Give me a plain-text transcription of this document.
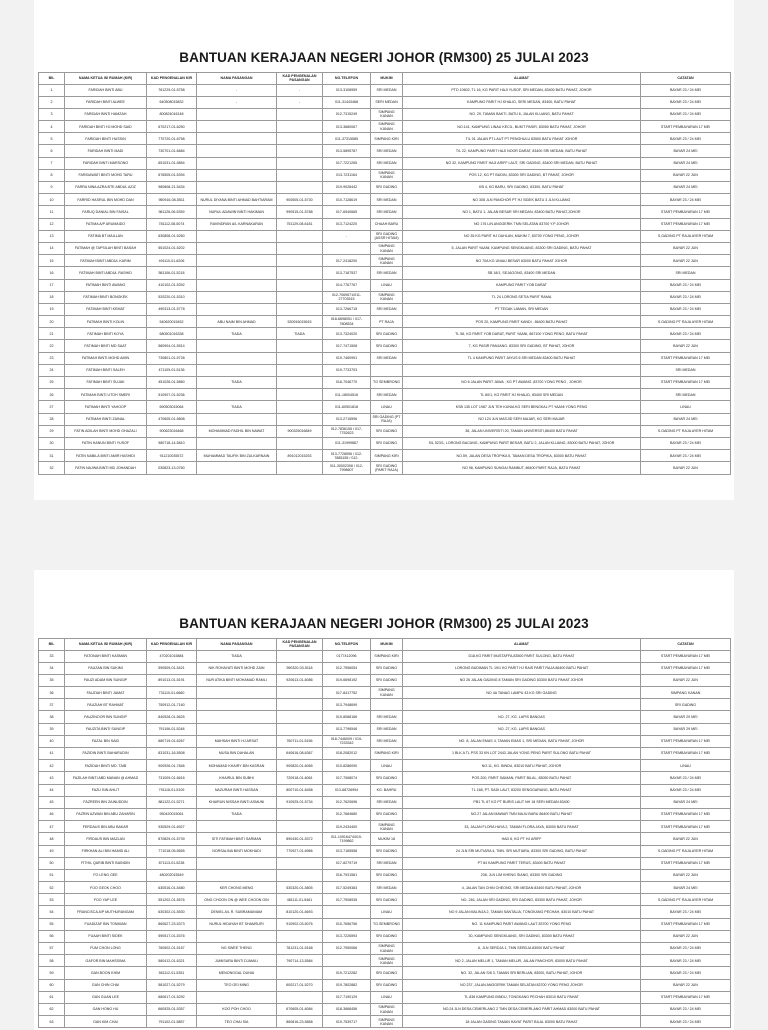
BANTUAN KERAJAAN NEGERI JOHOR (RM300) 25 JULAI 2023
BIL	NAMA KETUA ISI RUMAH (KIR)	KAD PENGENALAN KIR	NAMA PASANGAN	KAD PENGENALAN PASANGAN	NO.TELEFON	MUKIM	ALAMAT	CATATAN
1	FARIDAH BINTI ABU	761229-01-5758	-	-	013-3108959	SRI MEDAN	PTD 10602, TL 16, KG PARIT HAJI YUSOF, SRI MEDAN, 83400 BATU PAHAT, JOHOR	BAYAR 23 / 24 MEI
2	FARIDAH BINTI ALWEE	640508015832	-	-	011-31443468	SERI MEDAN	KAMPUNG PARIT HJ KHALID, SERI MEDAN, 83400, BATU PAHAT	BAYAR 23 / 24 MEI
3	FARIDAH BINTI HAMZAH	800824016148			012-7315249	SIMPANG KANAN	NO. 29, TAMAN BAKTI, BATU 6, JALAN KLUANG, BATU PAHAT	BAYAR 23 / 24 MEI
4	FARIDAH BINTI HJ MOHD SAID	670217-01-6250			013-3680067	SIMPANG KANAN	NO.141, KAMPUNG LINAU KECIL, BUKIT PASIR, 83050 BATU PAHAT, JOHOR	START PEMBAYARAN 17 MEI
5	FARIDAH BINTI HUSSIN	770720-01-6758			011-37315585	SIMPANG KIRI	T/L 01 JALAN PT LAUT PT PENGHULU 83500 BATU PAHAT JOHOR	BAYAR 23 / 24 MEI
6	FARIDAH BINTI MADI	730701-01-6684			013-5895787	SRI MEDAN	T/L 22, KAMPUNG PARIT HAJI NOOR DARAT, 83400 SRI MEDAN, BATU PAHAT	BAYAR 24 MEI
7	FARIDAH BINTI MARSONO	651031-01-5854			017-7221265	SRI MEDAN	NO 32, KAMPUNG PARIT HAJI ARIFF LAUT, SRI GADING, 83400 SRI MEDAN, BATU PAHAT	BAYAR 24 MEI
8	FARIDAWATI BINTI MOHD TARU	676505-01-5394			013-7231164	SIMPANG KANAN	POS 12, KG PT BUDIN, 83300 SRI GADING, BT PAHAT, JOHOR	BAYAR 22 JUN
9	FARRA NINA AZRA BTE ABDUL AZIZ	980808-21-5434			019-9028442	SRI GADING	KB 4, KG BARU, SRI GADING, 83300, BATU PAHAT	BAYAR 24 MEI
10	FARRID HASRUL BIN MOHD DAN	950916-08-5511	NURUL DIYANA BINTI AHMAD BAHTIARAM	900505-01-5730	010-7128619	SRI MEDAN	NO 308 JLN PANCHOR PT HJ SIDEK BATU 3 JLN KLUANG	BAYAR 23 / 24 MEI
11	FARUQ DANIAL BIN FAISAL	981126-06-5359	NURUL ADAWIN BINTI HAKIMAN	990515-01-5788	017-6540665	SRI MEDAN	NO 1, BATU 1, JALAN BESAR SRI MEDAN, 83400 BATU PAHAT,JOHOR	START PEMBAYARAN 17 MEI
12	FATIMA A/P ARUMAIDO	781112-08-5074	RAVINDRAN A/L KARNAKARAN	751129-08-6181	013-7124220	CHAAH BARU	NO 176 LIN ANGGERIK TMN SELATAN 83700 Y.P JOHOR	START PEMBAYARAN 17 MEI
13	FATIMA BT MAILLAN	630808-01-5260			-	SRI GADING (ASSR HITAM)	NO 35 KG PARIT HJ DAHLAN, MUKIM 7, 83700 YONG PENG, JOHOR	S.GADING PT RAJA AYER HITAM
14	FATIMAH @ TAPSILAH BINTI BASAH	551024-01-5202				SIMPANG KANAN	5, JALAN PARIT YAANI, KAMPUNG SENGKUANG, 83300 SRI GADING, BATU PAHAT	BAYAR 22 JUN
15	FATIMAH BINTI ABDUL KARIM	491110-01-6206			017-2418200	SIMPANG KANAN	NO 70A KG UNIAU BESAR 83000 BATU PAHAT JOHOR	BAYAR 22 JUN
16	FATIMAH BINTI ABDUL RASHID	581106-01-5218			013-7187537	SRI MEDAN	SB 18/1, SEJAGONG, 83400 SRI MEDAN	SRI MEDAN
17	FATIMAH BINTI AWANG	410102-01-5392			014-7767767	LINAU	KAMPUNG PARIT YOB DARAT	BAYAR 23 / 24 MEI
18	FATIMAH BINTI BONGKEK	520220-01-5310			012-7069671/011-27703515	SIMPANG KANAN	TL 24 LORONG SETIA PARIT RAMA	BAYAR 23 / 24 MEI
19	FATIMAH BINTI KEMAT	490313-01-5778			013-7266715	SRI MEDAN	PT TEGAK LAMAN, SRI MEDAN	BAYAR 23 / 24 MEI
20	FATIMAH BINTI KOLIN	540620015452	ABU NAIM BIN AHMAD	530916015615	018-6698051 / 017-7808534	PT RAJA	POS 20, KAMPUNG PARIT KANDI . 86400 BATU PAHAT	S.GADING PT RAJA AYER HITAM
21	FATIMAH BINTI KOYA	680501016338	TIADA	TIADA	013-7324020	SRI GADING	TL 56, KG PARIT YOB DARAT, PARIT YAANI, 867100 YONG PENG, BATU PAHAT	BAYAR 23 / 24 MEI
22	FATIMAH BINTI MD SAAT	580904-01-5514			017-7471508	SRI GADING	7, KG PASIR PANJANG, 83300 SRI GADING, BT PAHAT, JOHOR	BAYAR 22 JUN
23	FATIMAH BINTI MOHD AMIN	730801-01-5728			019-7460991	SRI MEDAN	TL 4 KAMPUNG PARIT JAYUS 6 SRI MEDAN 83400 BATU PAHAT	START PEMBAYARAN 17 MEI
24	FATIMAH BINTI SALEH	471109-01-5136			019-7733703			SRI MEDAN
25	FATIMAH BINTI SUJAK	451026-01-5860	TIADA		016-7046770	TG SEMBRONG	NO 6 JALAN PARIT JAWA , KG PT AWANG ,83700 YONG PENG , JOHOR	START PEMBAYARAN 17 MEI
26	FATIMAH BINTI UTOH SMERI	510907-01-5236			011-18004516	SRI MEDAN	TL 60/1, KG PARIT HJ KHALID, 83400 SRI MEDAN	SRI MEDAN
27	FATIMAH BINTI YAHOOP	690503015064	TIADA		011-60501818	LINAU	KSB 135 LOT 1987 JLN TEH KUNIA KG SERI BENGKAL PT YAANI YONG PENG	LINAU
28	FATIMAH BINTI ZAINAL	470605-01-5808			013-2715596	SRI GADING (PT RAJA)	NO 124 JLN MASJID SERI MAJAR, KG SERI MAJAR	BAYAR 24 MEI
29	FATIN ADILAH BINTI MOHD GHAZALI	900623016468	MOHAMMAD FADHIL BIN NAWAT	900325016849	012-7836155 / 017-7752623	SRI GADING	36, JALAN UNIVERSITI 20, TAMAN UNIVERSITI,86400 BATU PAHAT	S.GADING PT RAJA AYER HITAM
30	FATIN HANUN BINTI YUSOF	980718-14-5810			011-31999867	SRI GADING	S/L 523/1, LORONG BACANG, KAMPUNG PARIT BESAR, BATU 2, JALAN KLUANG, 83000 BATU PAHAT, JOHOR	BAYAR 23 / 24 MEI
31	FATIN NABILA BINTI AMIR HASHIDI	911210035572	MUHAMMAD TAUFIK BIN ZULKARNAIN	891012015253	013-7728596 / 012-7885155 / 012-	SIMPANG KIRI	NO.59, JALAN DESA TROPIKA 5, TAMAN DESA TROPIKA, 83000 BATU PAHAT	BAYAR 23 / 24 MEI
32	FATIN NAJWA BINTI MD JOHANDAH	030823-13-0760			011-30002308 / 012-7998607	SRI GADING (PARIT RAJA)	NO 98, KAMPUNG SUNGAI RAMBUT, 86400 PARIT RAJA, BATU PAHAT	BAYAR 22 JUN
BANTUAN KERAJAAN NEGERI JOHOR (RM300) 25 JULAI 2023
BIL	NAMA KETUA ISI RUMAH (KIR)	KAD PENGENALAN KIR	NAMA PASANGAN	KAD PENGENALAN PASANGAN	NO.TELEFON	MUKIM	ALAMAT	CATATAN
33	FATONAH BINTI KASMAN	470201015884	TIADA		0177412096	SIMPANG KIRI	D18,KG PARIT MUSTAFFA,83500 PARIT SULONG, BATU PAHAT	START PEMBAYARAN 17 MEI
34	FAUZAN BIN SUKIMI	590509-01-5421	NIK ROHAYATI BINTI MOHD ZAIN	590320-03-5118	012-7956054	SRI GADING	LORONG BUDIMAN TL 19/1 KG PARIT HJ RAIS PARIT RAJA 86400 BATU PAHAT	START PEMBAYARAN 17 MEI
35	FAUZI ADAM BIN SUNGIP	891013-01-5191	NUR ATIKA BINTI MOHAMAD RAMLI	920613-01-6086	019-6698192	SRI GADING	NO 26 JALAN GADING 8 TAMAN SRI GADING 83300 BATU PAHAT JOHOR	BAYAR 22 JUN
36	FAUZIAH BINTI JAMAT	731110-01-6660			017-8417752	SIMPANG KANAN	NO 4A TANAG LAMPU 43 KG SRI GADING	SIMPANG KANAN
37	FAUZIAH BT RAHMAT	750912-01-7160			013-7948699			SRI GADING
38	FAUZINOOR BIN SUNGIP	840528-01-5625			019-8088166	SRI MEDAN	NO. 27, KG. LAPIS BANGAS	BAYAR 29 MEI
39	FAUZITA BINTI SUNGIP	791106-01-5248			013-7796546	SRI MEDAN	NO. 27, KG. LAPIS BANGAS	BAYAR 29 MEI
40	FAZAL BIN SAID	680719-01-6267	MAHSAH BINTI HJ ARSAT	760711-01-5156	018-7446009 / 019-7233342	SRI MEDAN	NO. 8, JALAN EMAS 4, TAMAN EMAS 1, SRI MEDAN, BATU PAHAT, JOHOR	START PEMBAYARAN 17 MEI
41	FAZIDIN BINTI BAHARUDIN	831031-16-5508	MUSA BIN DAHALAN	640616-08-6367	018-2082012	SIMPANG KIRI	1 BLK A TL PSS 33 KN LOT 2443 JALAN YONG PENG PARIT SULONG BATU PAHAT	START PEMBAYARAN 17 MEI
42	FAZIDAH BINTI MD. TAIB	900926-01-7846	MOHAMAD KHAIRY BIN KASRAN	900820-01-6065	010-8286090	LINAU	NO.11, KG. BINDU, 83010 BATU PAHAT, JOHOR	LINAU
43	FAZILAH BINTI ABD MANAN @ AHMAD	731009-01-6616	KHAIRUL BIN SUBHI	720918-01-6061	017-7068074	SRI GADING	POS 200, PARIT SAIMAN, PARIT BILAL, 83050 BATU PAHAT	BAYAR 23 / 24 MEI
44	FAZLI BIN AHLIT	791116-01-5109	NAZURAH BINTI HASSAN	800710-01-6458	013-68726994	KG. BAHRU	TL 168, PT. SADI LAUT, 83200 SENGGARANG, BATU PAHAT	BAYAR 23 / 24 MEI
45	FAZREEN BIN ZAINUDDIN	881122-01-5271	KHAIRUN NISSAH BINTI ASMUNI	910925-01-5734	012-7620696	SRI MEDAN	PB1 TL 67 KG PT BURIS LAUT NH 18 SERI MEDAN 83400	BAYAR 24 MEI
46	FAZRIN AZWAN BIN ABU ZAHARIN	950420015061	TIADA		012-7684680	SRI GADING	NO.27 JALAN MAWAR TMN MAJU BARU 86400 BATU PAHAT	START PEMBAYARAN 17 MEI
47	FERDAUS BIN ABU BAKAR	930529-01-6927			019-2434400	SIMPANG KANAN	33, JALAN FLORA HAYA 2, TAMAN FLORA JAYA, 83000 BATU PAHAT	START PEMBAYARAN 17 MEI
48	FIRDAUS BIN MAZLAN	870829-01-5739	SITI FATIMAH BINTI SARMAN	890430-01-5372	011-10916474/019-7199862	MUKIM 18	HAD 6, KG PT HJ ARIFF	BAYAR 22 JUN
49	FIRKHAN ALI BIN HAMID ALI	771018-05-5655	NORSALINA BINTI MOKHADI	770927-01-6966	013-7165558	SRI GADING	24 JLN SRI MUTIARA 4, TMN. SRI MUTIARA, 83300 SRI GADING, BATU PAHAT	S.GADING PT RAJA AYER HITAM
50	FITHIL QARIB BINTI BAINDIN	871113-01-5238			017-8279719	SRI MEDAN	PT 84 KAMPUNG PARIT TERUS, 83400 BATU PAHAT	START PEMBAYARAN 17 MEI
51	FO LENG GEE	480202015549			016-7931581	SRI GADING	238, JLN LIM KHENG SIANG, 83300 SRI GADING	BAYAR 22 JUN
52	FOO GEOK CHOO	630516-01-5480	KER CHONG MENG	530320-01-5805	017-5249383	SRI MEDAN	4, JALAN TAN CHIN CHEONG, SRI MEDAN 83400 BATU PAHAT, JOHOR	BAYAR 24 MEI
53	FOO YAP LEE	551202-01-5576	ONG CHOON ON @ WEE CHOON GIN	481111-01-5461	017-7908935	SRI GADING	NO. 246, JALAN SRI GADING, SRI GADING, 83300 BATU PAHAT, JOHOR	S.GADING PT RAJA AYER HITAM
54	FRANCISCA A/P MUTHURANGAM	630302-01-5530	DENIEL A/L R. SUBRAMANIAM	810120-01-6693		LINAU	NO 9 JALAN MALINJA 2, TAMAN SANTALIA, TONGKANG PECHAH, 83010 BATU PAHAT	BAYAR 23 / 24 MEI
55	FUADIZAF BIN TONIMAN	860627-23-5373	NURUL HIDAYAH BT SHAMSURI	910902-03-5076	010-7656756	TG.SEMBRONG	NO. 11 KAMPUNG PARIT AWANG LAUT 83700 YONG PENG	START PEMBAYARAN 17 MEI
56	FUAAH BINTI SIDEK	590517-01-5376			013-7226593	SRI GADING	30, KAMPUNG SENGKUANG, SRI GADING, 83300 BATU PAHAT	BAYAR 22 JUN
57	FUM CHON LONG	760502-01-5157	NG SWEE THENG	781231-01-5168	012-7950066	SIMPANG KANAN	6, JLN SERDJA 1, TMN SERDJA 83000 BATU PAHAT	BAYAR 23 / 24 MEI
58	GAFOR BIN MAHSSIMA	580412-01-6321	JUMISARA BINTI DJAMILI	790714-13-5584		SIMPANG KANAN	NO 2, JALAN MELUR 1, TAMAN MELUR, JALAN PANCHOR, 83000 BATU PAHAT	BAYAR 23 / 24 MEI
59	GAN BOON KHIM	561112-01-5351	MENONGGAL DUNIA		019-7212282	SRI GADING	NO. 32, JALAN S/8 3, TAMAN SRI BERLIAN, 83000, BATU PAHAT, JOHOR	BAYAR 23 / 24 MEI
60	GAN CHIN CHAI	581027-01-5279	TEO GEI MING	600217-01-5270	019-7802882	SRI GADING	NO 237, JALAN ANGGERIK TAMAN SELATAN 83700 YONG PENG JOHOR	BAYAR 22 JUN
61	GAN GUAN LEE	680617-01-5292			017-7190129	LINAU	TL 836 KAMPUNG BINDU, TONGKANG PECHAH 83010 BATU PAHAT	START PEMBAYARAN 17 MEI
62	GAN HONG HU	660525-01-5357	KOO POH CHOO	670605-01-6084	018-3668456	SIMPANG KANAN	NO.24 JLN DESA CEMERLANG 2 TMN DESA CEMERLANG PARIT AHMAD 83000 BATU PAHAT	BAYAR 23 / 24 MEI
63	GAN KIM CHAI	791102-01-5857	TEO CHAI SIA	860816-23-5858	019-7539717	SIMPANG KANAN	18 JALAN GASING TAMAN HAYAT PARIT BILAL 83000 BATU PAHAT	BAYAR 23 / 24 MEI
